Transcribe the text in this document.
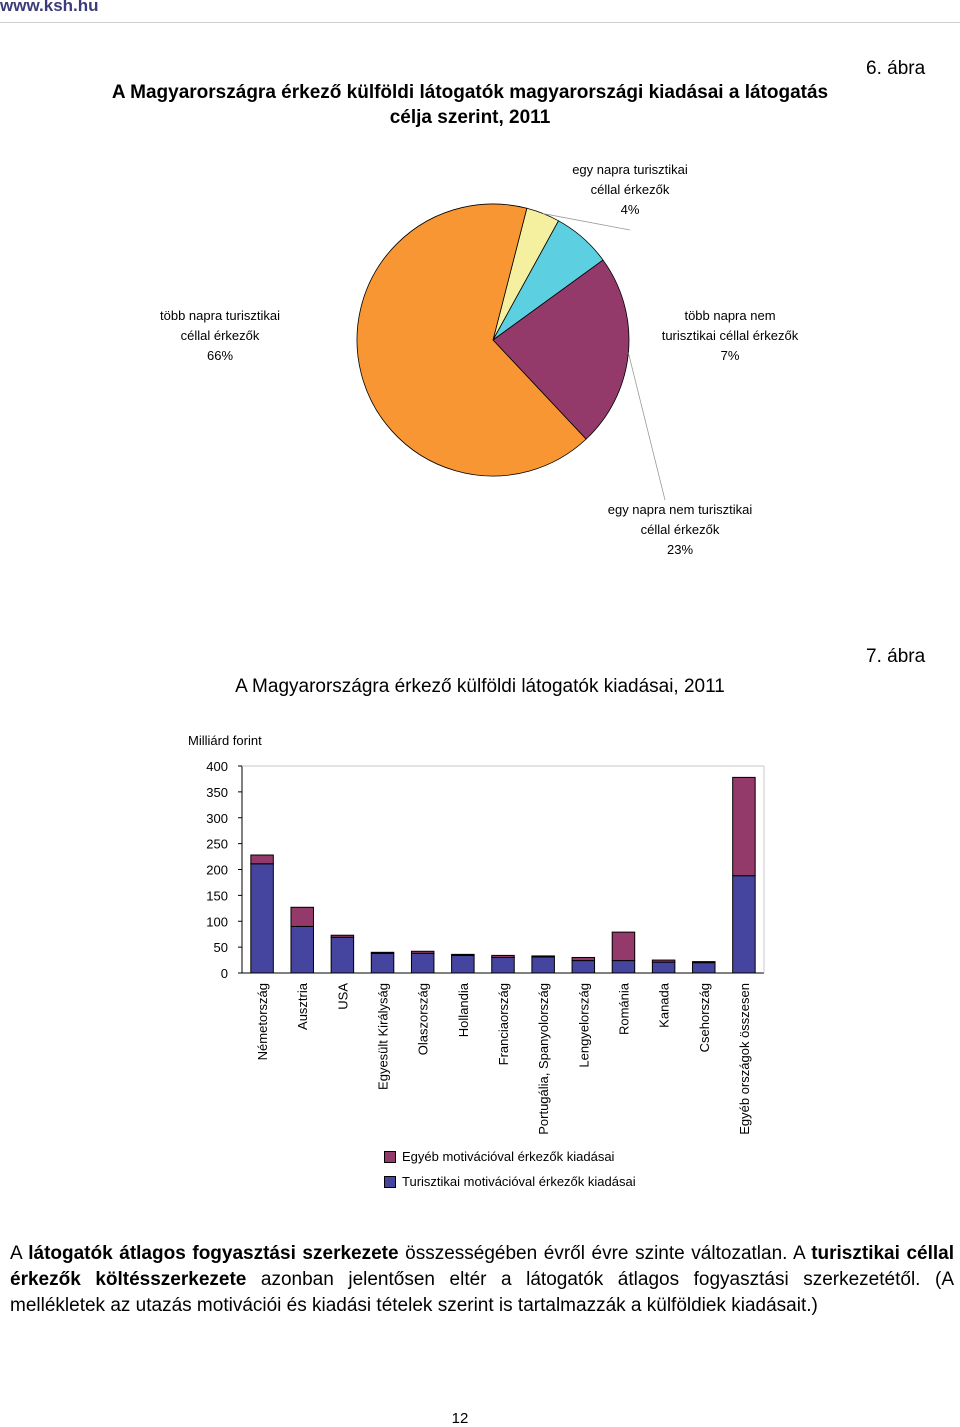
www.ksh.hu
6. ábra
A Magyarországra érkező külföldi látogatók magyarországi kiadásai a látogatás célja szerint, 2011
egy napra turisztikai
céllal érkezők
4%
több napra nem
turisztikai céllal érkezők
7%
egy napra nem turisztikai
céllal érkezők
23%
több napra turisztikai
céllal érkezők
66%
7. ábra
A Magyarországra érkező külföldi látogatók kiadásai, 2011
Milliárd forint
0
50
100
150
200
250
300
350
400
Németország Ausztria USA Egyesült Királyság Olaszország Hollandia Franciaország Portugália, Spanyolország Lengyelország Románia Kanada Csehország Egyéb országok összesen
Egyéb motivációval érkezők kiadásai
Turisztikai motivációval érkezők kiadásai
A látogatók átlagos fogyasztási szerkezete összességében évről évre szinte változatlan. A turisztikai céllal érkezők költésszerkezete azonban jelentősen eltér a látogatók átlagos fogyasztási szerkezetétől. (A mellékletek az utazás motivációi és kiadási tételek szerint is tartalmazzák a külföldiek kiadásait.)
12
